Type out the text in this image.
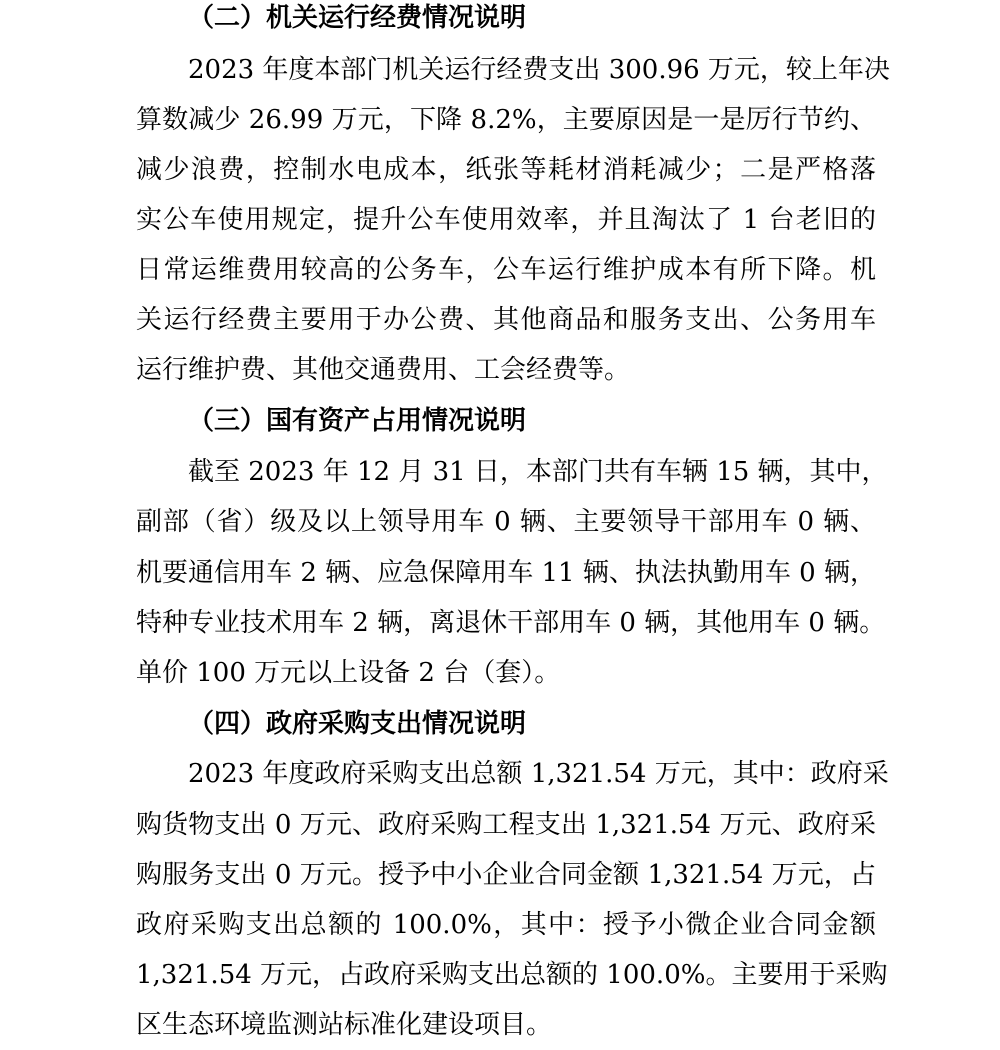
（二）机关运行经费情况说明
2023 年度本部门机关运行经费支出 300.96 万元，较上年决
算数减少 26.99 万元，下降 8.2%，主要原因是一是厉行节约、
减少浪费，控制水电成本，纸张等耗材消耗减少；二是严格落
实公车使用规定，提升公车使用效率，并且淘汰了 1 台老旧的
日常运维费用较高的公务车，公车运行维护成本有所下降。机
关运行经费主要用于办公费、其他商品和服务支出、公务用车
运行维护费、其他交通费用、工会经费等。
（三）国有资产占用情况说明
截至 2023 年 12 月 31 日，本部门共有车辆 15 辆，其中，
副部（省）级及以上领导用车 0 辆、主要领导干部用车 0 辆、
机要通信用车 2 辆、应急保障用车 11 辆、执法执勤用车 0 辆，
特种专业技术用车 2 辆，离退休干部用车 0 辆，其他用车 0 辆。
单价 100 万元以上设备 2 台（套）。
（四）政府采购支出情况说明
2023 年度政府采购支出总额 1,321.54 万元，其中：政府采
购货物支出 0 万元、政府采购工程支出 1,321.54 万元、政府采
购服务支出 0 万元。授予中小企业合同金额 1,321.54 万元，占
政府采购支出总额的 100.0%，其中：授予小微企业合同金额
1,321.54 万元，占政府采购支出总额的 100.0%。主要用于采购
区生态环境监测站标准化建设项目。
